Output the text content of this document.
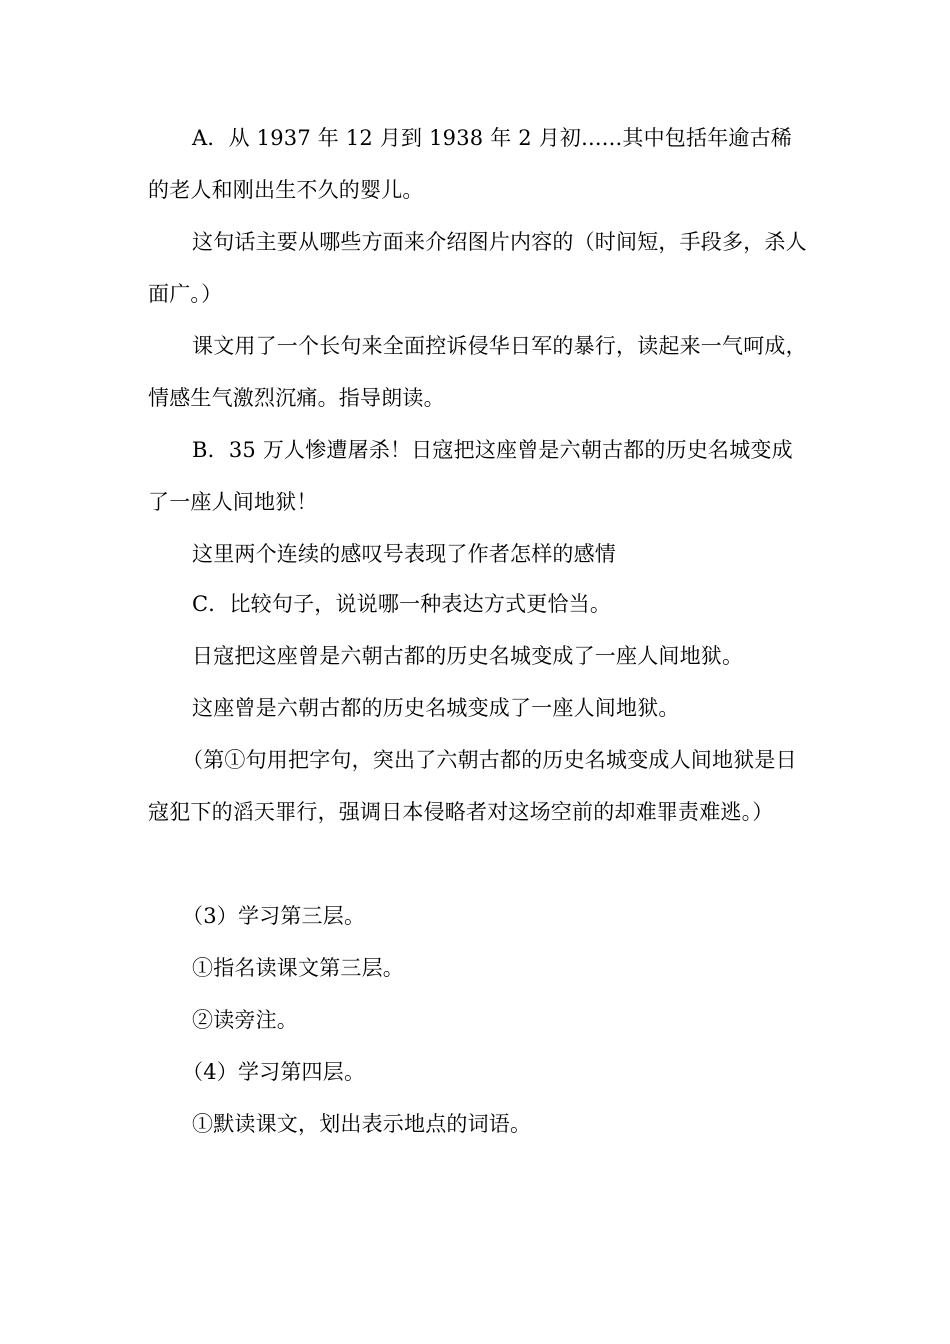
A．从 1937 年 12 月到 1938 年 2 月初......其中包括年逾古稀的老人和刚出生不久的婴儿。

这句话主要从哪些方面来介绍图片内容的（时间短，手段多，杀人面广。）

课文用了一个长句来全面控诉侵华日军的暴行，读起来一气呵成，情感生气激烈沉痛。指导朗读。

B．35 万人惨遭屠杀！日寇把这座曾是六朝古都的历史名城变成了一座人间地狱！

这里两个连续的感叹号表现了作者怎样的感情

C．比较句子，说说哪一种表达方式更恰当。

日寇把这座曾是六朝古都的历史名城变成了一座人间地狱。

这座曾是六朝古都的历史名城变成了一座人间地狱。

（第①句用把字句，突出了六朝古都的历史名城变成人间地狱是日寇犯下的滔天罪行，强调日本侵略者对这场空前的却难罪责难逃。）

（3）学习第三层。

①指名读课文第三层。

②读旁注。

（4）学习第四层。

①默读课文，划出表示地点的词语。
